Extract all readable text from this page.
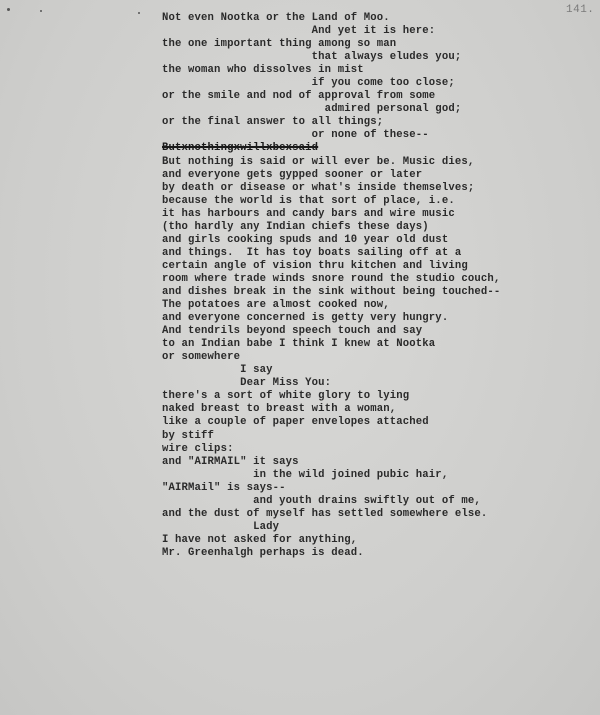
141.
Not even Nootka or the Land of Moo.
And yet it is here:
the one important thing among so man
that always eludes you;
the woman who dissolves in mist
if you come too close;
or the smile and nod of approval from some
admired personal god;
or the final answer to all things;
or none of these--
Butxnothingxwillxbexsaid
But nothing is said or will ever be. Music dies,
and everyone gets gypped sooner or later
by death or disease or what's inside themselves;
because the world is that sort of place, i.e.
it has harbours and candy bars and wire music
(tho hardly any Indian chiefs these days)
and girls cooking spuds and 10 year old dust
and things.  It has toy boats sailing off at a
certain angle of vision thru kitchen and living
room where trade winds snore round the studio couch,
and dishes break in the sink without being touched--
The potatoes are almost cooked now,
and everyone concerned is getty very hungry.
And tendrils beyond speech touch and say
to an Indian babe I think I knew at Nootka
or somewhere
I say
Dear Miss You:
there's a sort of white glory to lying
naked breast to breast with a woman,
like a couple of paper envelopes attached
by stiff
wire clips:
and "AIRMAIL" it says
in the wild joined pubic hair,
"AIRMail" is says--
and youth drains swiftly out of me,
and the dust of myself has settled somewhere else.
Lady
I have not asked for anything,
Mr. Greenhalgh perhaps is dead.
